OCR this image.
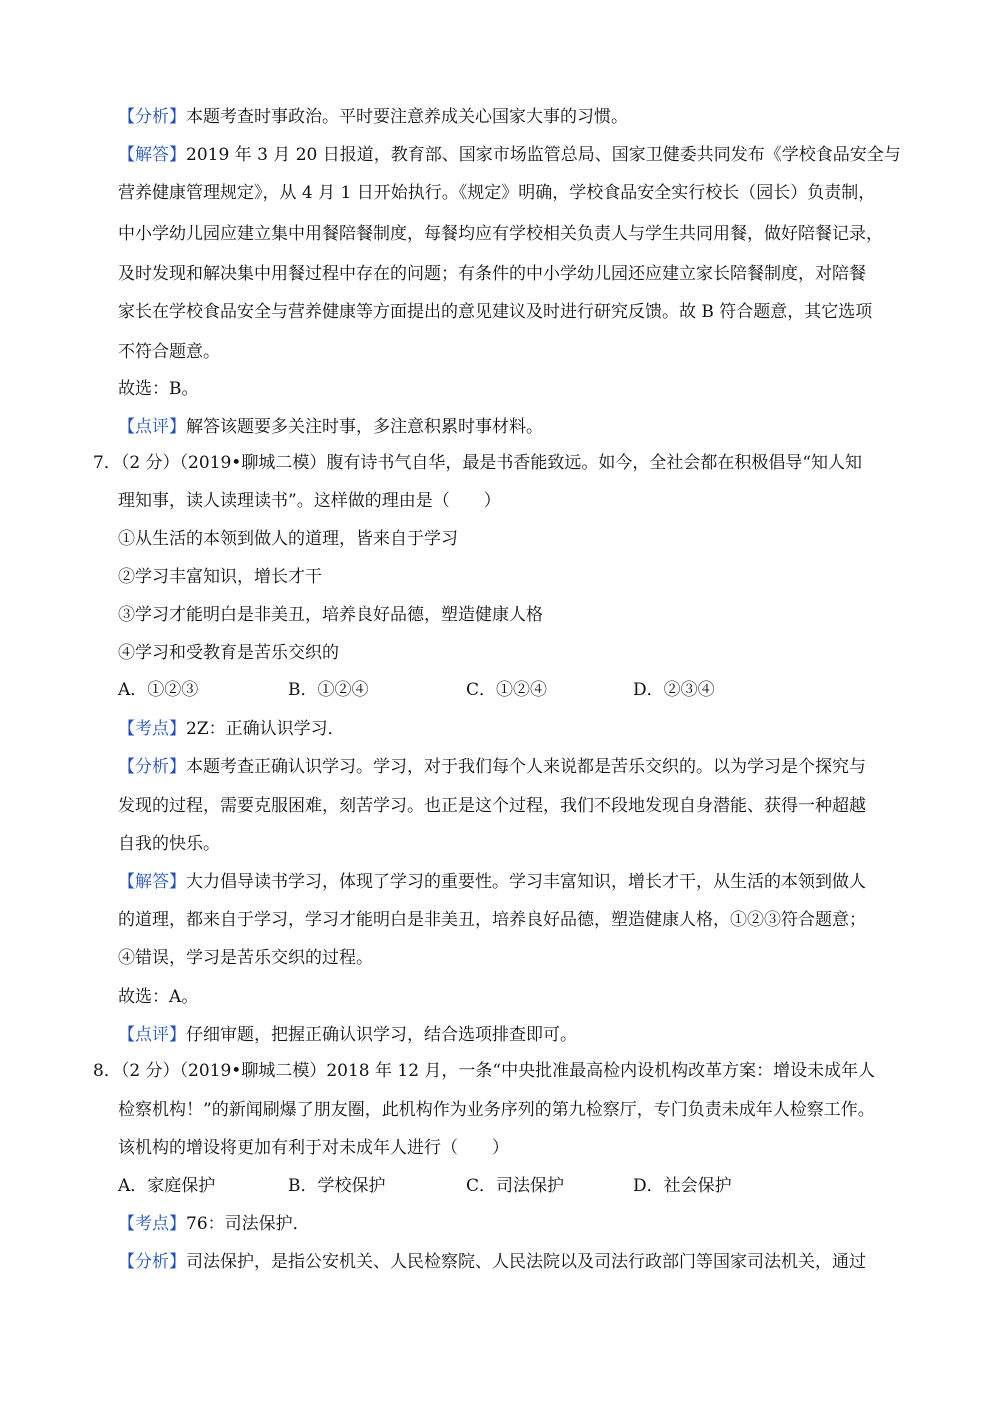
【分析】本题考查时事政治。平时要注意养成关心国家大事的习惯。
【解答】2019 年 3 月 20 日报道，教育部、国家市场监管总局、国家卫健委共同发布《学校食品安全与
营养健康管理规定》，从 4 月 1 日开始执行。《规定》明确，学校食品安全实行校长（园长）负责制，
中小学幼儿园应建立集中用餐陪餐制度，每餐均应有学校相关负责人与学生共同用餐，做好陪餐记录，
及时发现和解决集中用餐过程中存在的问题；有条件的中小学幼儿园还应建立家长陪餐制度，对陪餐
家长在学校食品安全与营养健康等方面提出的意见建议及时进行研究反馈。故 B 符合题意，其它选项
不符合题意。
故选：B。
【点评】解答该题要多关注时事，多注意积累时事材料。
7．（2 分）（2019•聊城二模）腹有诗书气自华，最是书香能致远。如今，全社会都在积极倡导“知人知
理知事，读人读理读书”。这样做的理由是（　　）
①从生活的本领到做人的道理，皆来自于学习
②学习丰富知识，增长才干
③学习才能明白是非美丑，培养良好品德，塑造健康人格
④学习和受教育是苦乐交织的
A．①②③	B．①②④	C．①②④	D．②③④
【考点】2Z：正确认识学习．
【分析】本题考查正确认识学习。学习，对于我们每个人来说都是苦乐交织的。以为学习是个探究与
发现的过程，需要克服困难，刻苦学习。也正是这个过程，我们不段地发现自身潜能、获得一种超越
自我的快乐。
【解答】大力倡导读书学习，体现了学习的重要性。学习丰富知识，增长才干，从生活的本领到做人
的道理，都来自于学习，学习才能明白是非美丑，培养良好品德，塑造健康人格，①②③符合题意；
④错误，学习是苦乐交织的过程。
故选：A。
【点评】仔细审题，把握正确认识学习，结合选项排查即可。
8．（2 分）（2019•聊城二模）2018 年 12 月，一条“中央批准最高检内设机构改革方案：增设未成年人
检察机构！”的新闻刷爆了朋友圈，此机构作为业务序列的第九检察厅，专门负责未成年人检察工作。
该机构的增设将更加有利于对未成年人进行（　　）
A．家庭保护	B．学校保护	C．司法保护	D．社会保护
【考点】76：司法保护．
【分析】司法保护，是指公安机关、人民检察院、人民法院以及司法行政部门等国家司法机关，通过
